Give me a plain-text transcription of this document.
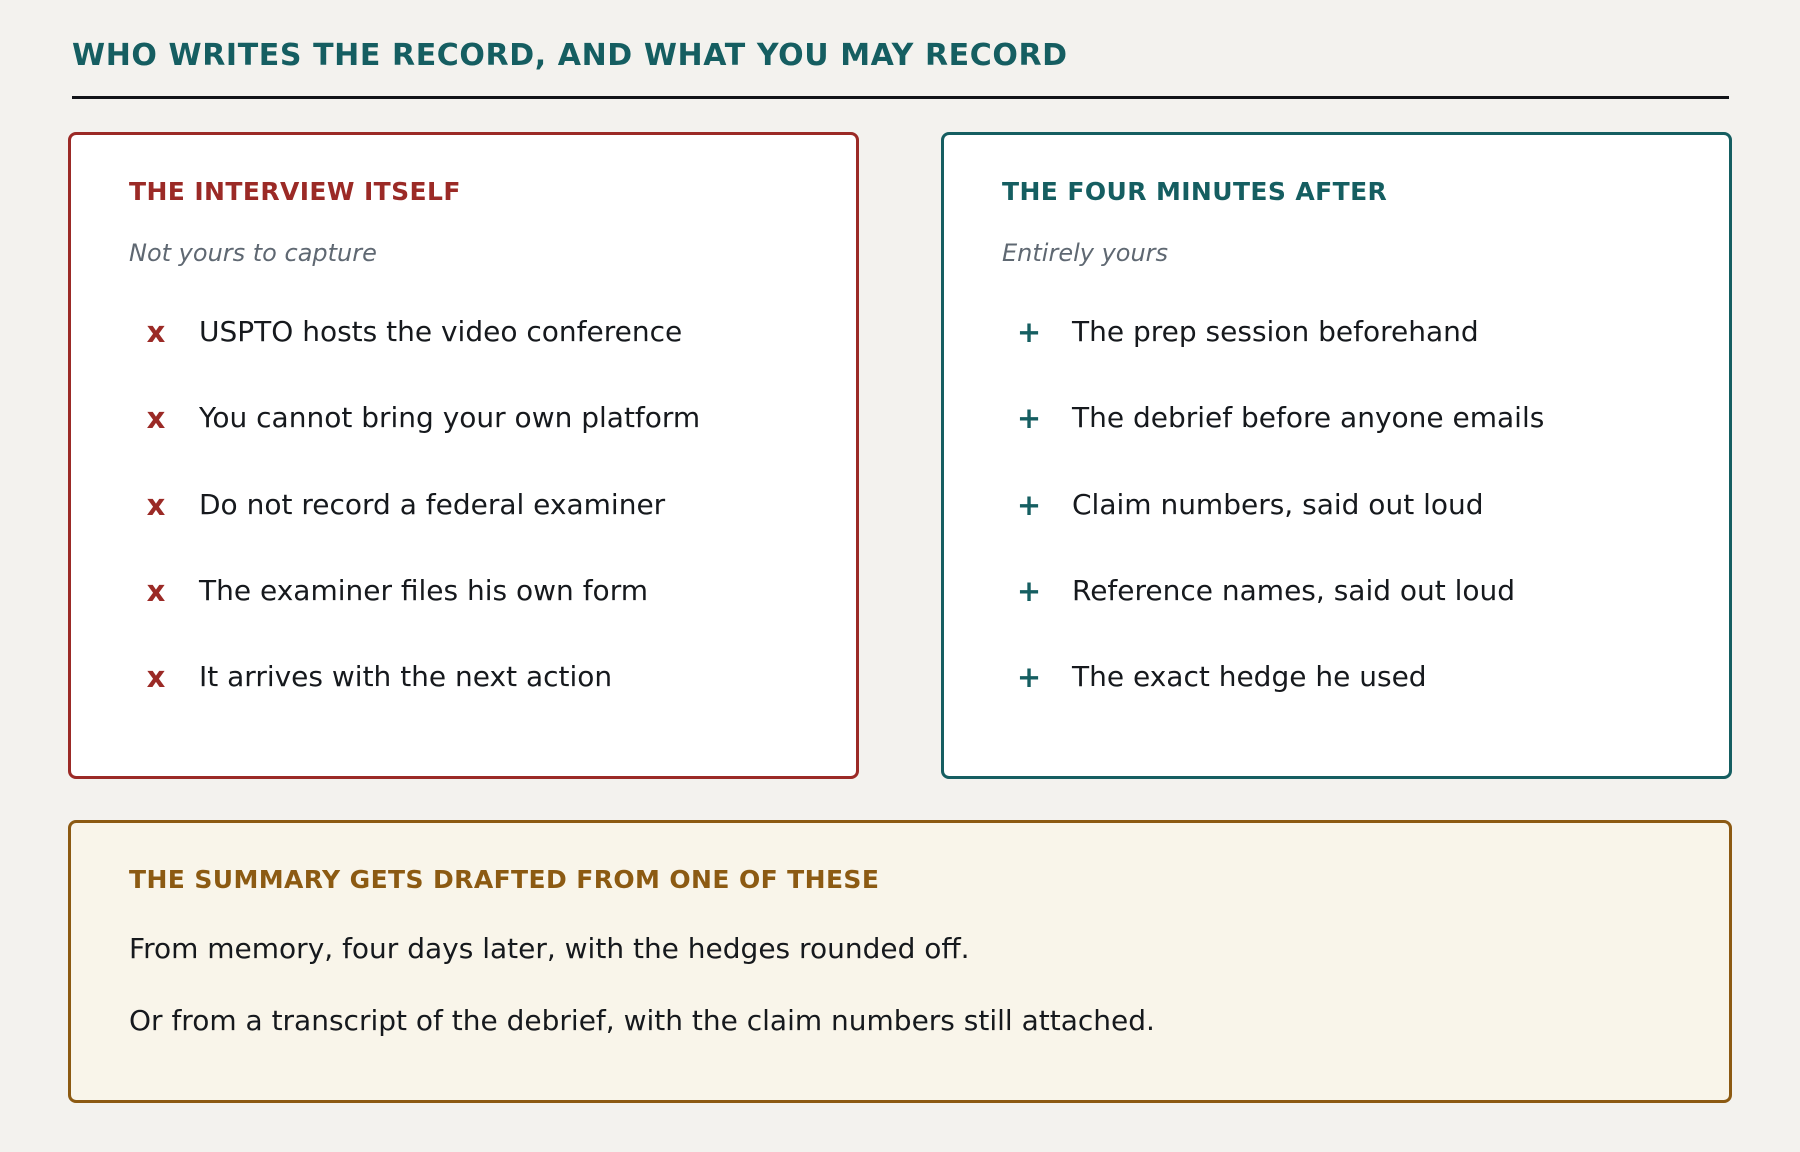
WHO WRITES THE RECORD, AND WHAT YOU MAY RECORD
THE INTERVIEW ITSELF
Not yours to capture
x USPTO hosts the video conference
x You cannot bring your own platform
x Do not record a federal examiner
x The examiner files his own form
x It arrives with the next action
THE FOUR MINUTES AFTER
Entirely yours
+ The prep session beforehand
+ The debrief before anyone emails
+ Claim numbers, said out loud
+ Reference names, said out loud
+ The exact hedge he used
THE SUMMARY GETS DRAFTED FROM ONE OF THESE

From memory, four days later, with the hedges rounded off.

Or from a transcript of the debrief, with the claim numbers still attached.
